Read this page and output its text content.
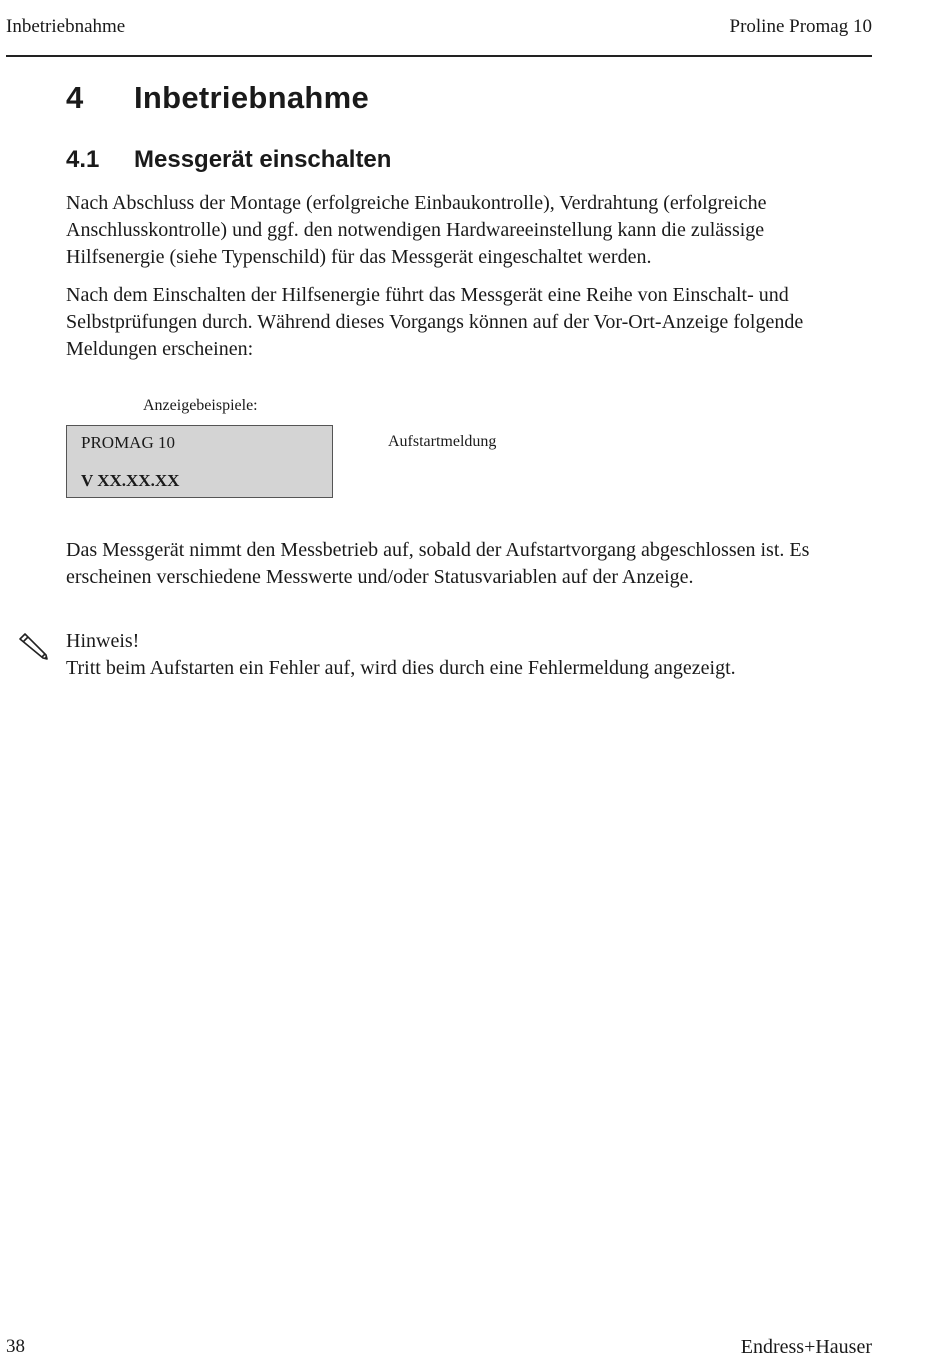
Inbetriebnahme	Proline Promag 10
4 Inbetriebnahme
4.1 Messgerät einschalten

Nach Abschluss der Montage (erfolgreiche Einbaukontrolle), Verdrahtung (erfolgreiche Anschlusskontrolle) und ggf. den notwendigen Hardwareeinstellung kann die zulässige Hilfsenergie (siehe Typenschild) für das Messgerät eingeschaltet werden.

Nach dem Einschalten der Hilfsenergie führt das Messgerät eine Reihe von Einschalt- und Selbstprüfungen durch. Während dieses Vorgangs können auf der Vor-Ort-Anzeige folgende Meldungen erscheinen:

Anzeigebeispiele:
PROMAG 10
V XX.XX.XX
Aufstartmeldung

Das Messgerät nimmt den Messbetrieb auf, sobald der Aufstartvorgang abgeschlossen ist. Es erscheinen verschiedene Messwerte und/oder Statusvariablen auf der Anzeige.

Hinweis!
Tritt beim Aufstarten ein Fehler auf, wird dies durch eine Fehlermeldung angezeigt.
38	Endress+Hauser
